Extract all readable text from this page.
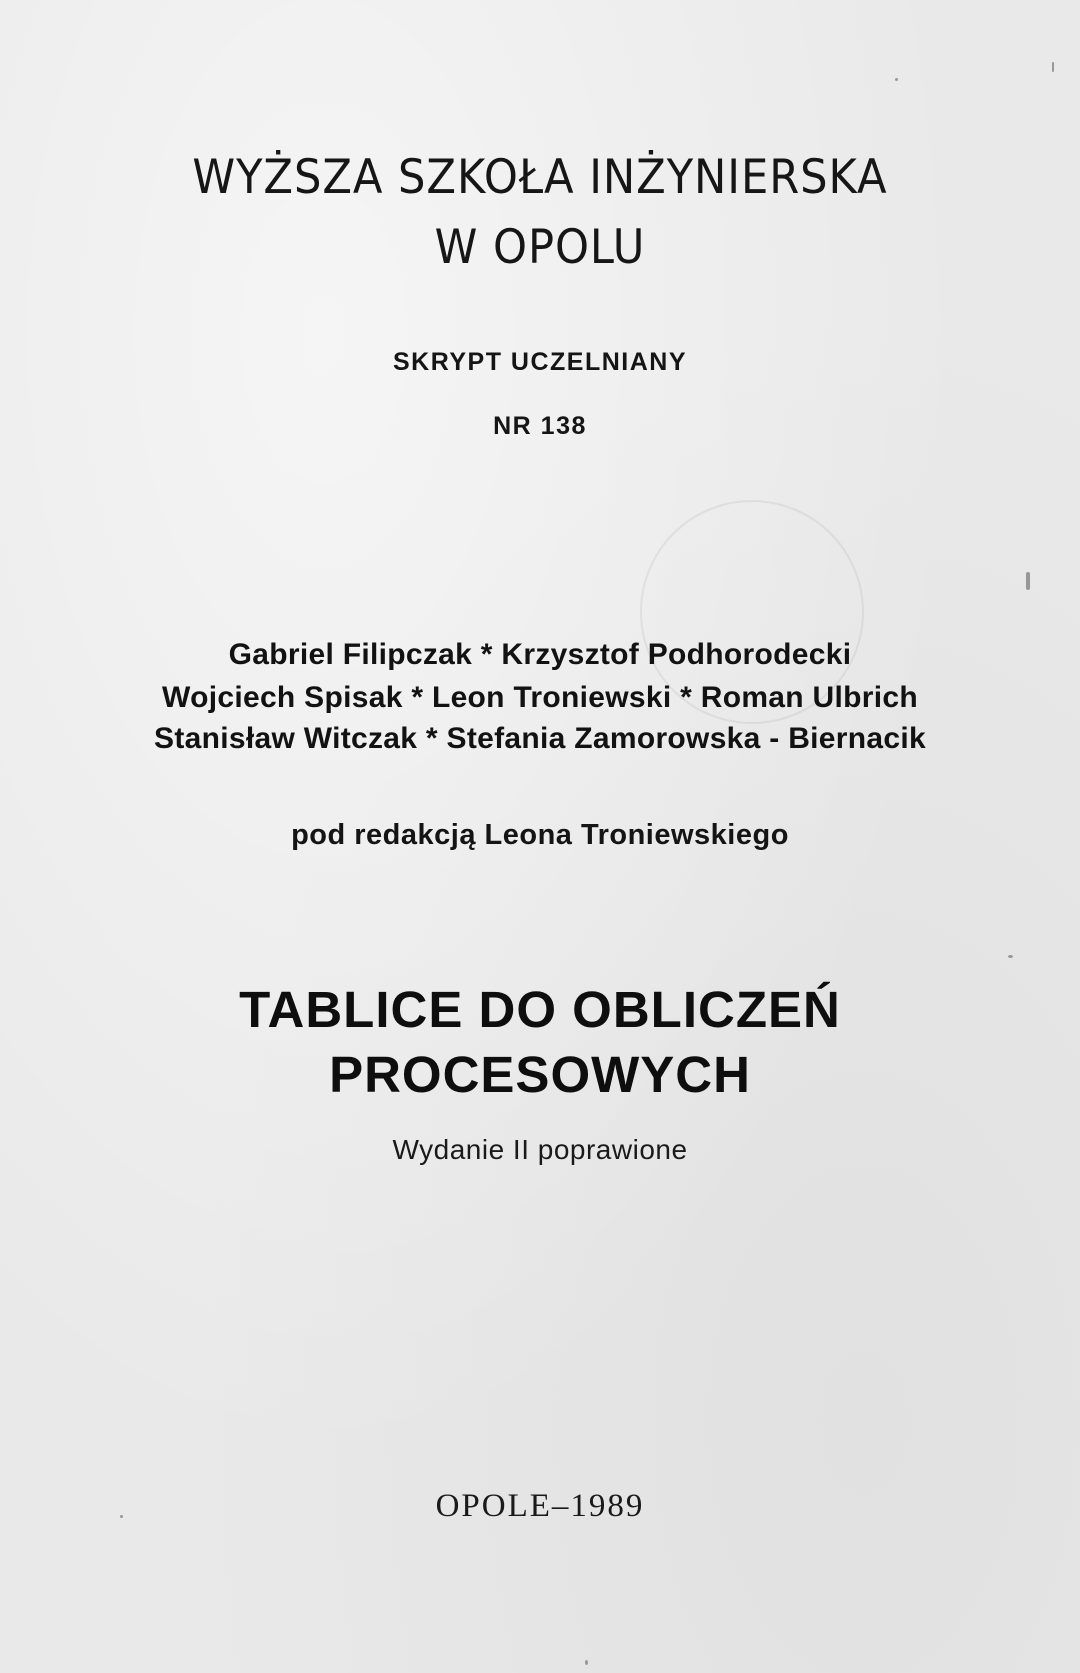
WYŻSZA SZKOŁA INŻYNIERSKA
W OPOLU

SKRYPT UCZELNIANY

NR 138

Gabriel Filipczak * Krzysztof Podhorodecki

Wojciech Spisak * Leon Troniewski * Roman Ulbrich

Stanisław Witczak * Stefania Zamorowska - Biernacik

pod redakcją Leona Troniewskiego

TABLICE DO OBLICZEŃ
PROCESOWYCH

Wydanie II poprawione

OPOLE–1989
